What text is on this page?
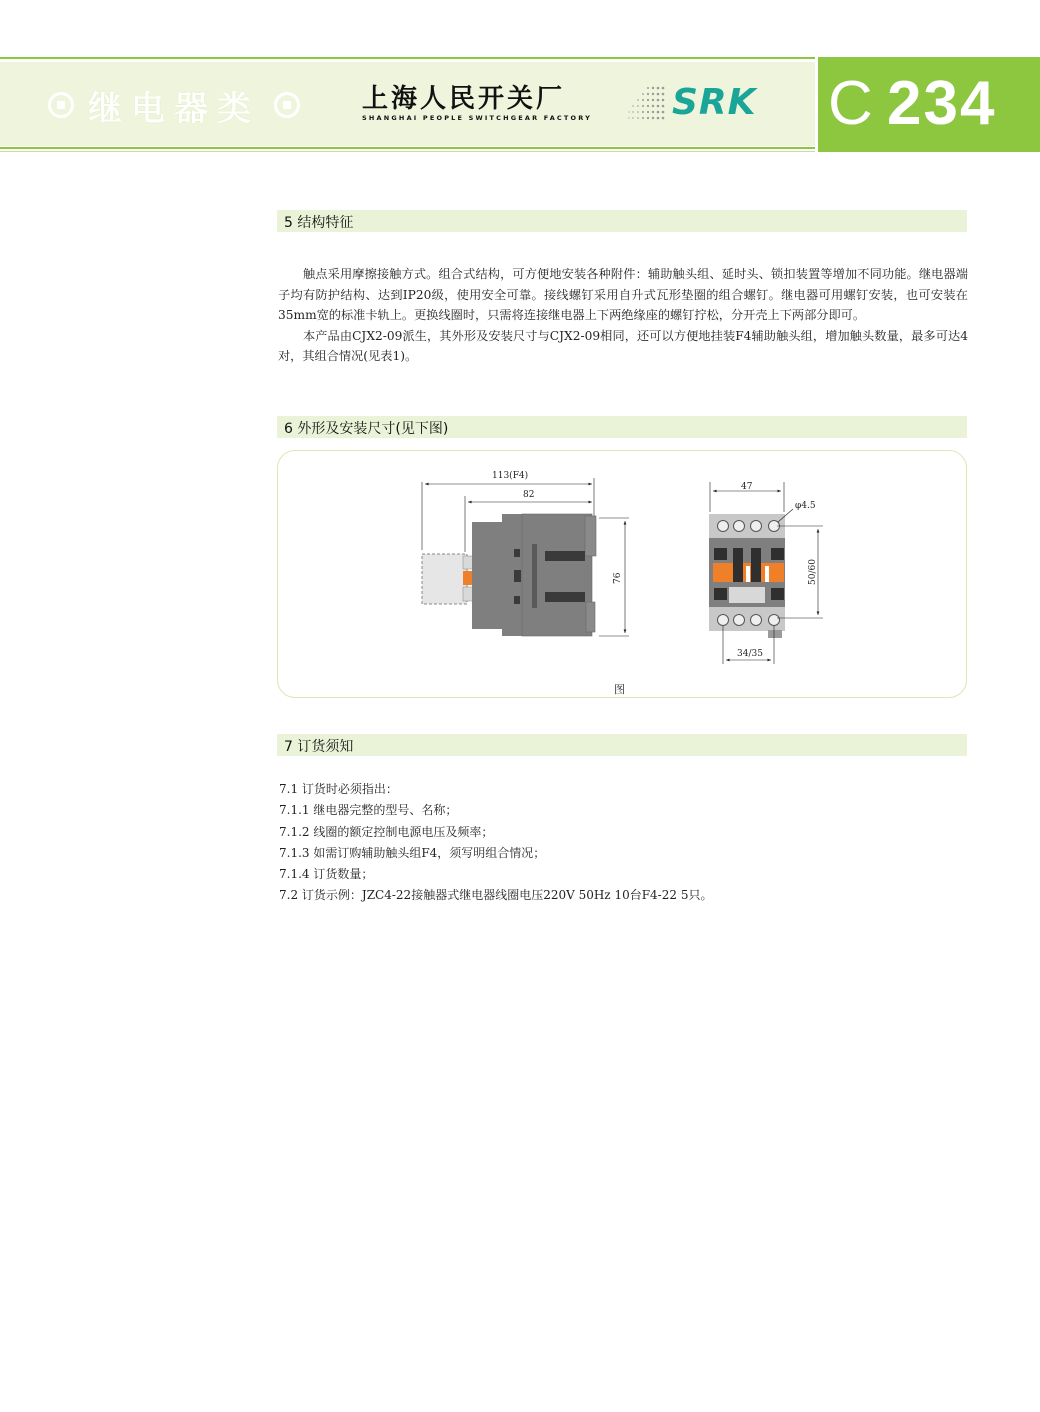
继电器类	上海人民开关厂
SHANGHAI PEOPLE SWITCHGEAR FACTORY SRK C 234
5 结构特征

触点采用摩擦接触方式。组合式结构，可方便地安装各种附件：辅助触头组、延时头、锁扣装置等增加不同功能。继电器端子均有防护结构、达到IP20级，使用安全可靠。接线螺钉采用自升式瓦形垫圈的组合螺钉。继电器可用螺钉安装，也可安装在35mm宽的标准卡轨上。更换线圈时，只需将连接继电器上下两绝缘座的螺钉拧松，分开壳上下两部分即可。

本产品由CJX2-09派生，其外形及安装尺寸与CJX2-09相同，还可以方便地挂装F4辅助触头组，增加触头数量，最多可达4对，其组合情况(见表1)。

6 外形及安装尺寸(见下图)
113(F4)
82
76
47
φ4.5
50/60
34/35
图
7 订货须知
7.1 订货时必须指出：
7.1.1 继电器完整的型号、名称；
7.1.2 线圈的额定控制电源电压及频率；
7.1.3 如需订购辅助触头组F4，须写明组合情况；
7.1.4 订货数量；
7.2 订货示例：JZC4-22接触器式继电器线圈电压220V 50Hz 10台F4-22 5只。
